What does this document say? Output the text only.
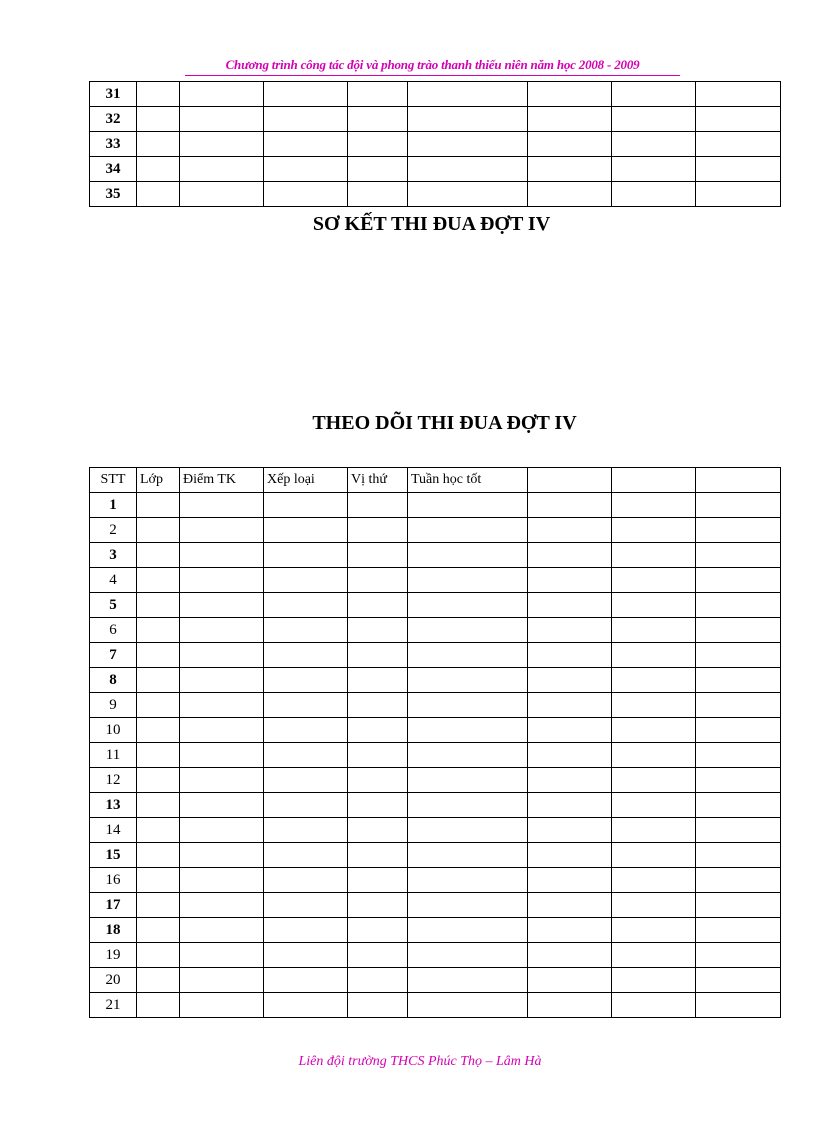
Chương trình công tác đội và phong trào thanh thiếu niên năm học 2008 - 2009
31								
32								
33								
34								
35								
SƠ KẾT THI ĐUA ĐỢT IV
THEO DÕI THI ĐUA ĐỢT IV
STT	Lớp	Điểm TK	Xếp loại	Vị thứ	Tuần học tốt			
1								
2								
3								
4								
5								
6								
7								
8								
9								
10								
11								
12								
13								
14								
15								
16								
17								
18								
19								
20								
21								
Liên đội trường THCS Phúc Thọ – Lâm Hà
